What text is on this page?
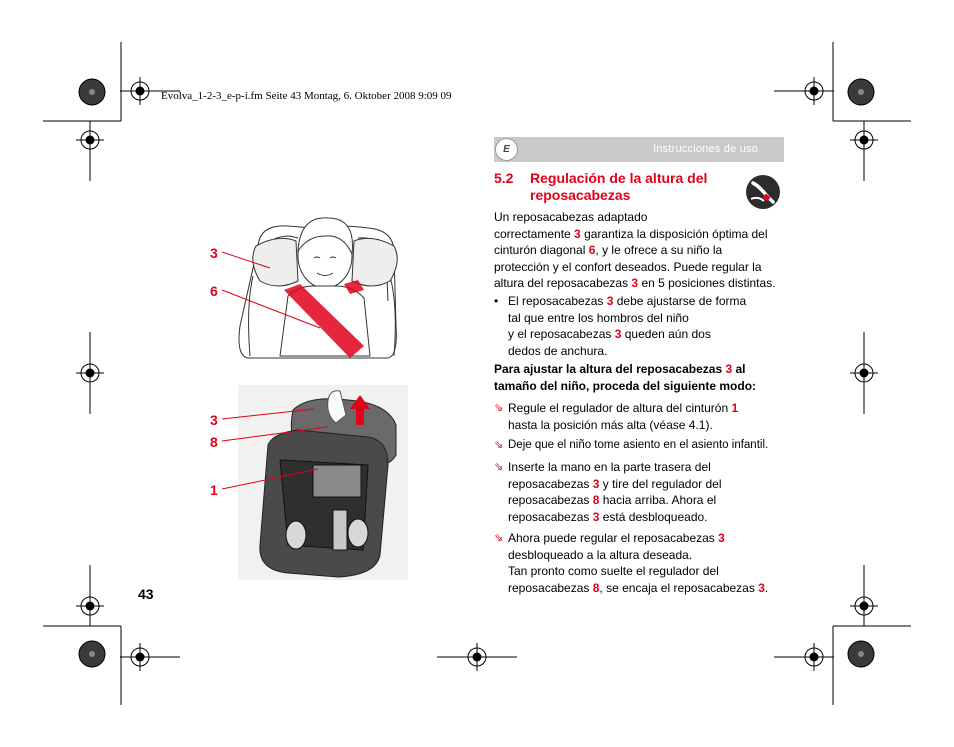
Evolva_1-2-3_e-p-i.fm Seite 43 Montag, 6. Oktober 2008 9:09 09
E	Instrucciones de uso
5.2 Regulación de la altura del reposacabezas
Un reposacabezas adaptado
correctamente 3 garantiza la disposición óptima del
cinturón diagonal 6, y le ofrece a su niño la
protección y el confort deseados. Puede regular la
altura del reposacabezas 3 en 5 posiciones distintas.
• El reposacabezas 3 debe ajustarse de forma
tal que entre los hombros del niño
y el reposacabezas 3 queden aún dos
dedos de anchura.
Para ajustar la altura del reposacabezas 3 al
tamaño del niño, proceda del siguiente modo:
⇘ Regule el regulador de altura del cinturón 1
hasta la posición más alta (véase 4.1).
⇘ Deje que el niño tome asiento en el asiento infantil.
⇘ Inserte la mano en la parte trasera del
reposacabezas 3 y tire del regulador del
reposacabezas 8 hacia arriba. Ahora el
reposacabezas 3 está desbloqueado.
⇘ Ahora puede regular el reposacabezas 3
desbloqueado a la altura deseada.
Tan pronto como suelte el regulador del
reposacabezas 8, se encaja el reposacabezas 3.
3
6
3
8
1
43
